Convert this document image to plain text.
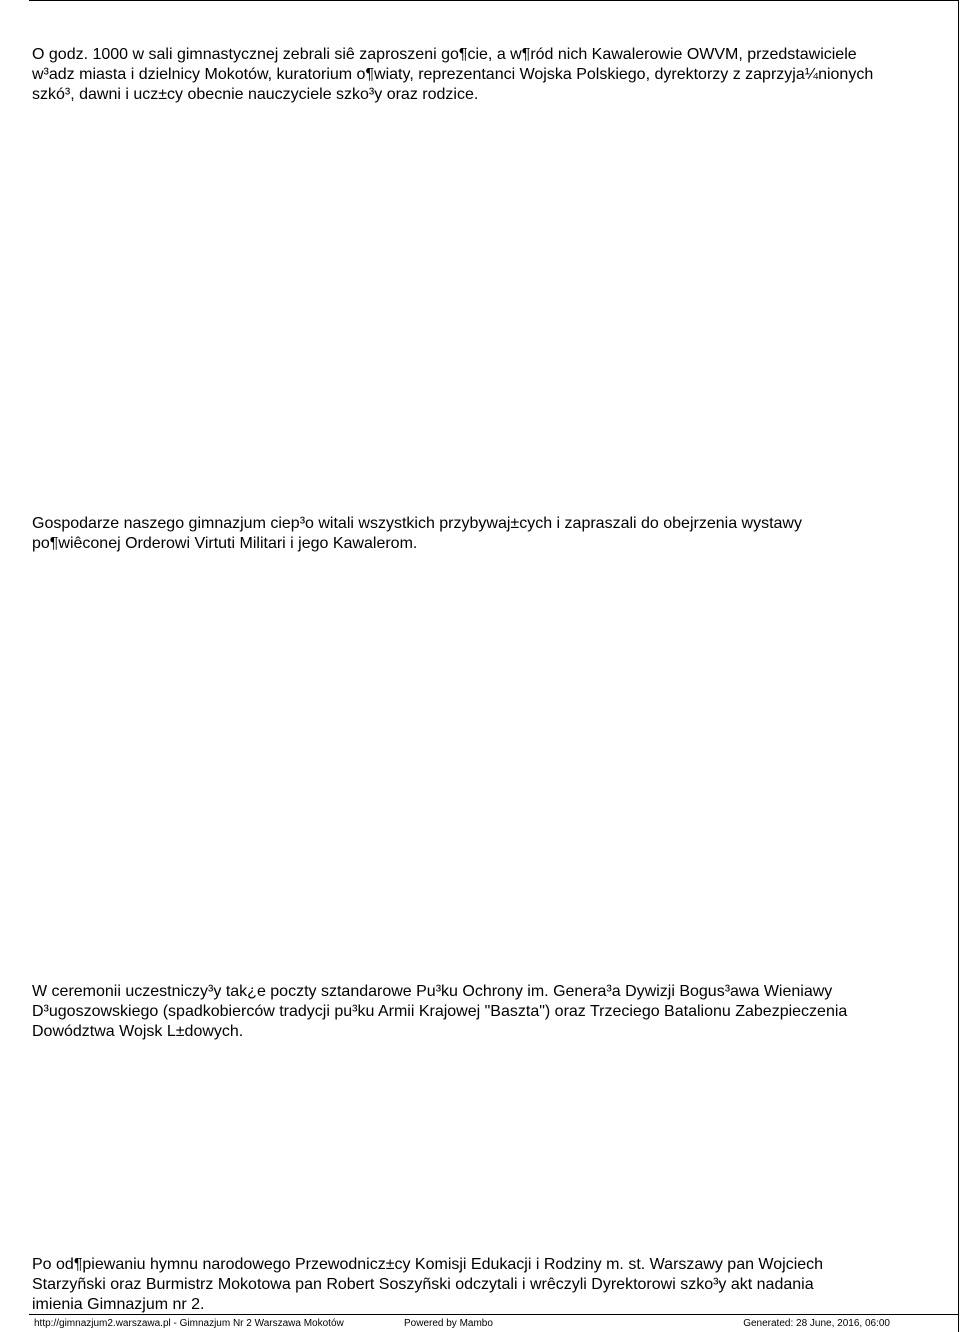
O godz. 1000 w sali gimnastycznej zebrali siê zaproszeni go¶cie, a w¶ród nich Kawalerowie OWVM, przedstawiciele
w³adz miasta i dzielnicy Mokotów, kuratorium o¶wiaty, reprezentanci Wojska Polskiego, dyrektorzy z zaprzyja¼nionych
szkó³, dawni i ucz±cy obecnie nauczyciele szko³y oraz rodzice.

Gospodarze naszego gimnazjum ciep³o witali wszystkich przybywaj±cych i zapraszali do obejrzenia wystawy
po¶wiêconej Orderowi Virtuti Militari i jego Kawalerom.

W ceremonii uczestniczy³y tak¿e poczty sztandarowe Pu³ku Ochrony im. Genera³a Dywizji Bogus³awa Wieniawy
D³ugoszowskiego (spadkobierców tradycji pu³ku Armii Krajowej "Baszta") oraz Trzeciego Batalionu Zabezpieczenia
Dowództwa Wojsk L±dowych.

Po od¶piewaniu hymnu narodowego Przewodnicz±cy Komisji Edukacji i Rodziny m. st. Warszawy pan Wojciech
Starzyñski oraz Burmistrz Mokotowa pan Robert Soszyñski odczytali i wrêczyli Dyrektorowi szko³y akt nadania
imienia Gimnazjum nr 2.

http://gimnazjum2.warszawa.pl - Gimnazjum Nr 2 Warszawa Mokotów	Powered by Mambo	Generated: 28 June, 2016, 06:00
